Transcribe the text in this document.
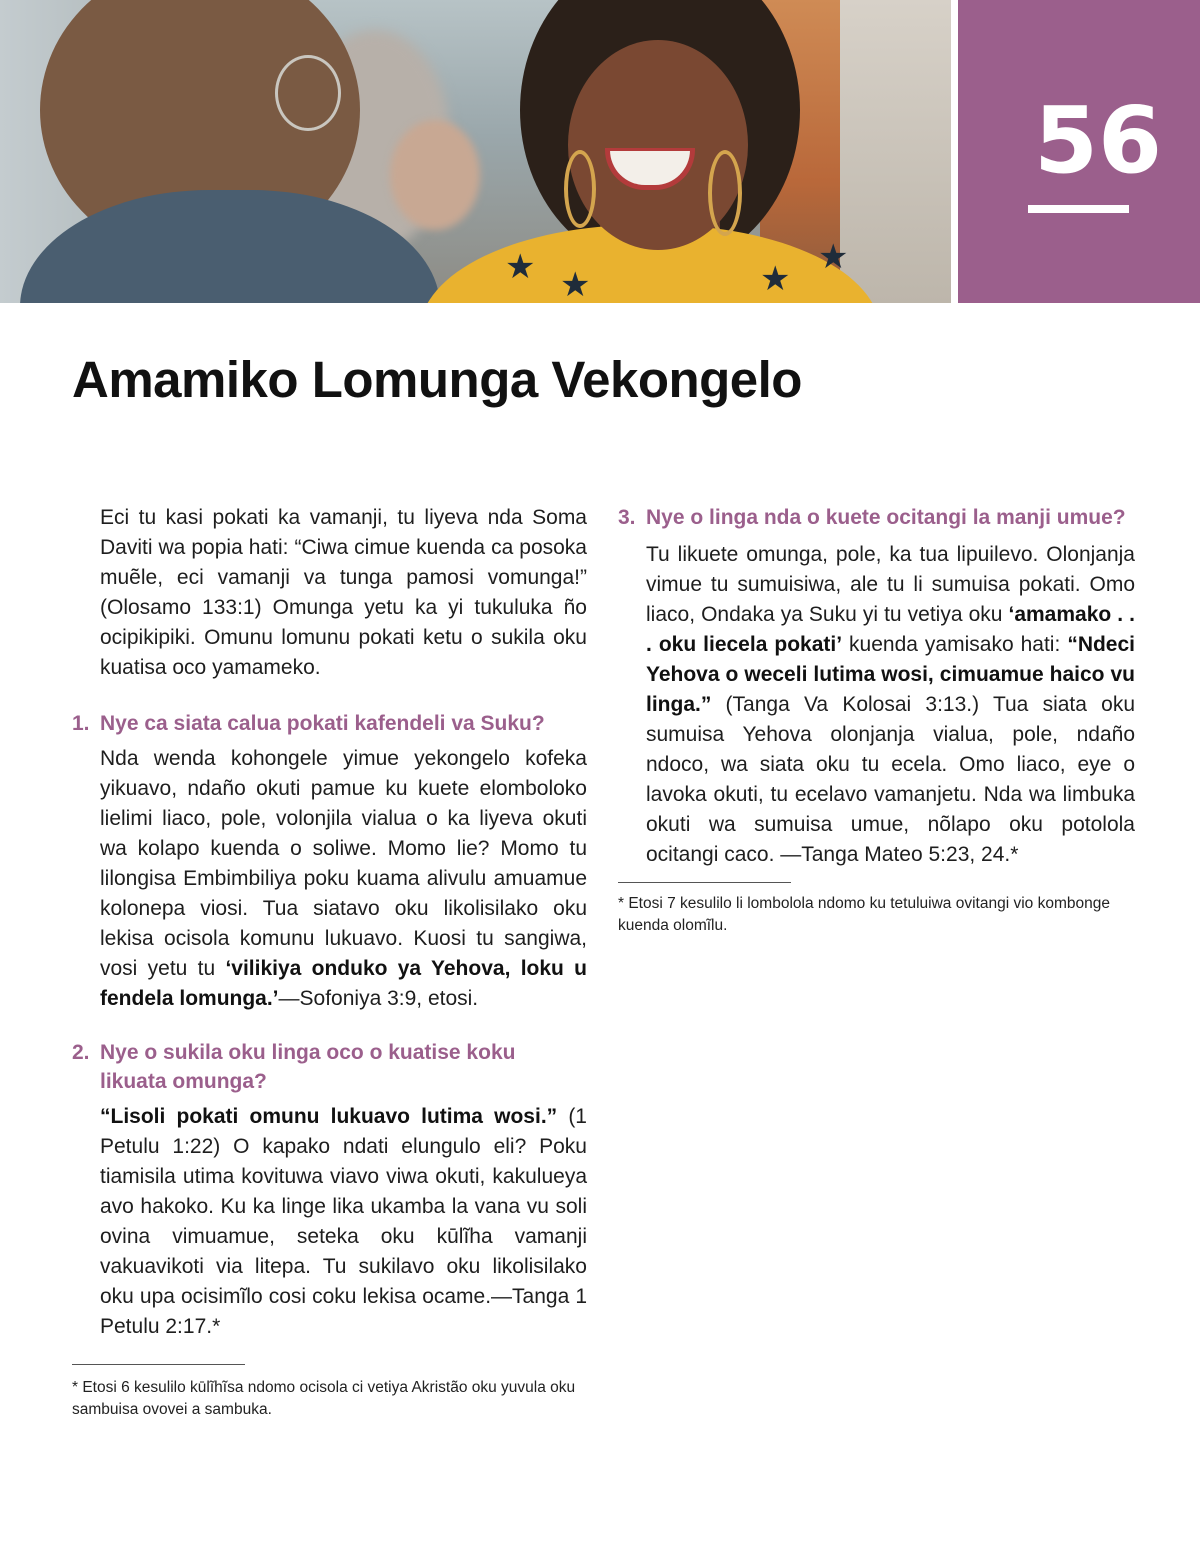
★ ★	★
★
56
Amamiko Lomunga Vekongelo

Eci tu kasi pokati ka vamanji, tu liyeva nda Soma Daviti wa popia hati: “Ciwa cimue kuenda ca posoka muẽle, eci vamanji va tunga pamosi vomunga!” (Olosamo 133:1) Omunga yetu ka yi tukuluka ño ocipikipiki. Omunu lomunu pokati ketu o sukila oku kuatisa oco yamameko.

1. Nye ca siata calua pokati kafendeli va Suku?

Nda wenda kohongele yimue yekongelo kofeka yikuavo, ndaño okuti pamue ku kuete elomboloko lielimi liaco, pole, volonjila vialua o ka liyeva okuti wa kolapo kuenda o soliwe. Momo lie? Momo tu lilongisa Embimbiliya poku kuama alivulu amuamue kolonepa viosi. Tua siatavo oku likolisilako oku lekisa ocisola komunu lukuavo. Kuosi tu sangiwa, vosi yetu tu ‘vilikiya onduko ya Yehova, loku u fendela lomunga.’—Sofoniya 3:9, etosi.

2. Nye o sukila oku linga oco o kuatise koku likuata omunga?

“Lisoli pokati omunu lukuavo lutima wosi.” (1 Petulu 1:22) O kapako ndati elungulo eli? Poku tiamisila utima kovituwa viavo viwa okuti, kakulueya avo hakoko. Ku ka linge lika ukamba la vana vu soli ovina vimuamue, seteka oku kūlĩha vamanji vakuavikoti via litepa. Tu sukilavo oku likolisilako oku upa ocisimĩlo cosi coku lekisa ocame.—Tanga 1 Petulu 2:17.*

* Etosi 6 kesulilo kūlĩhĩsa ndomo ocisola ci vetiya Akristão oku yuvula oku sambuisa ovovei a sambuka.

3. Nye o linga nda o kuete ocitangi la manji umue?

Tu likuete omunga, pole, ka tua lipuilevo. Olonjanja vimue tu sumuisiwa, ale tu li sumuisa pokati. Omo liaco, Ondaka ya Suku yi tu vetiya oku ‘amamako . . . oku liecela pokati’ kuenda yamisako hati: “Ndeci Yehova o weceli lutima wosi, cimuamue haico vu linga.” (Tanga Va Kolosai 3:13.) Tua siata oku sumuisa Yehova olonjanja vialua, pole, ndaño ndoco, wa siata oku tu ecela. Omo liaco, eye o lavoka okuti, tu ecelavo vamanjetu. Nda wa limbuka okuti wa sumuisa umue, nõlapo oku potolola ocitangi caco. —Tanga Mateo 5:23, 24.*

* Etosi 7 kesulilo li lombolola ndomo ku tetuluiwa ovitangi vio kombonge kuenda olomĩlu.
